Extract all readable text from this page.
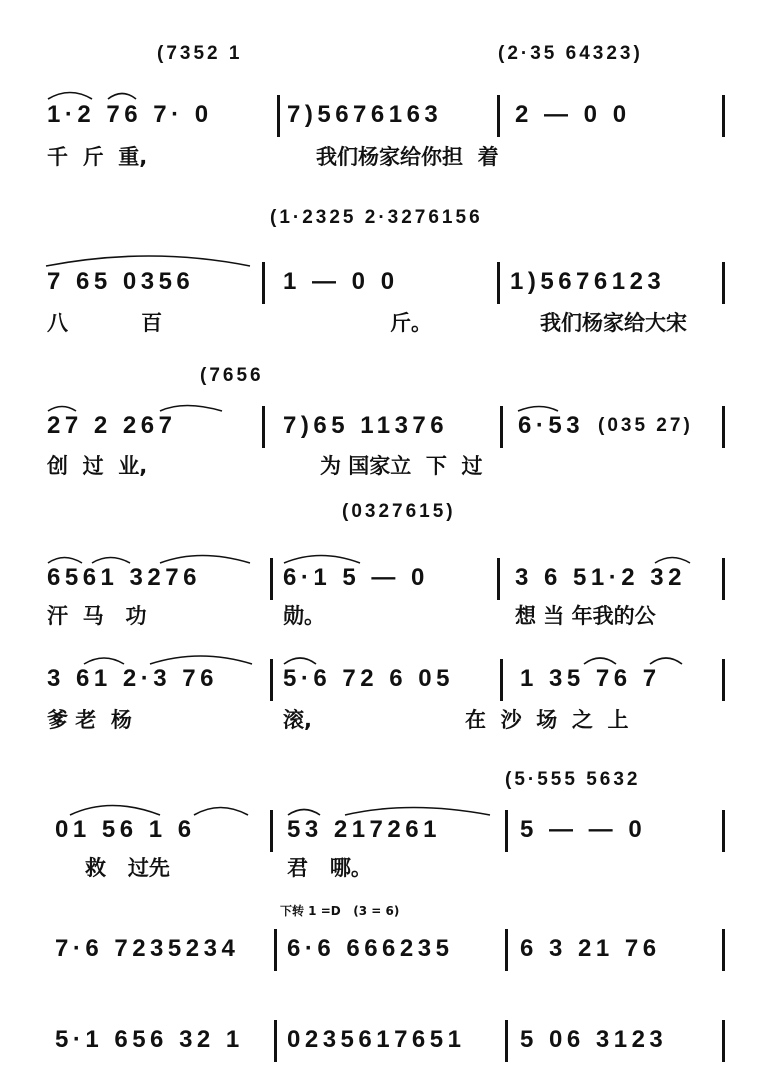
(7352 1	(2·35 64323)
1·2 76 7· 0	7)5676163	2 — 0 0
千  斤  重,	我们杨家给你担  着
(1·2325 2·3276156
7 65 0356	1 — 0 0	1)5676123
八          百	斤。	我们杨家给大宋
(7656
27 2 267	7)65 11376	6·53 (035 27)
创  过  业,	为 国家立  下  过
(0327615)
6561 3276	6·1 5 — 0	3 6 51·2 32
汗  马   功	勋。	想 当 年我的公
3 61 2·3 76	5·6 72 6 05	1 35 76 7
爹 老  杨	滚,	在  沙  场  之  上
(5·555 5632
01 56 1 6	53 217261	5 — — 0
救   过先	君   哪。
下转 1 =D   (3 = 6)
7·6 7235234 6·6 666235	6 3 21 76
5·1 656 32 1 0235617651 5 06 3123
